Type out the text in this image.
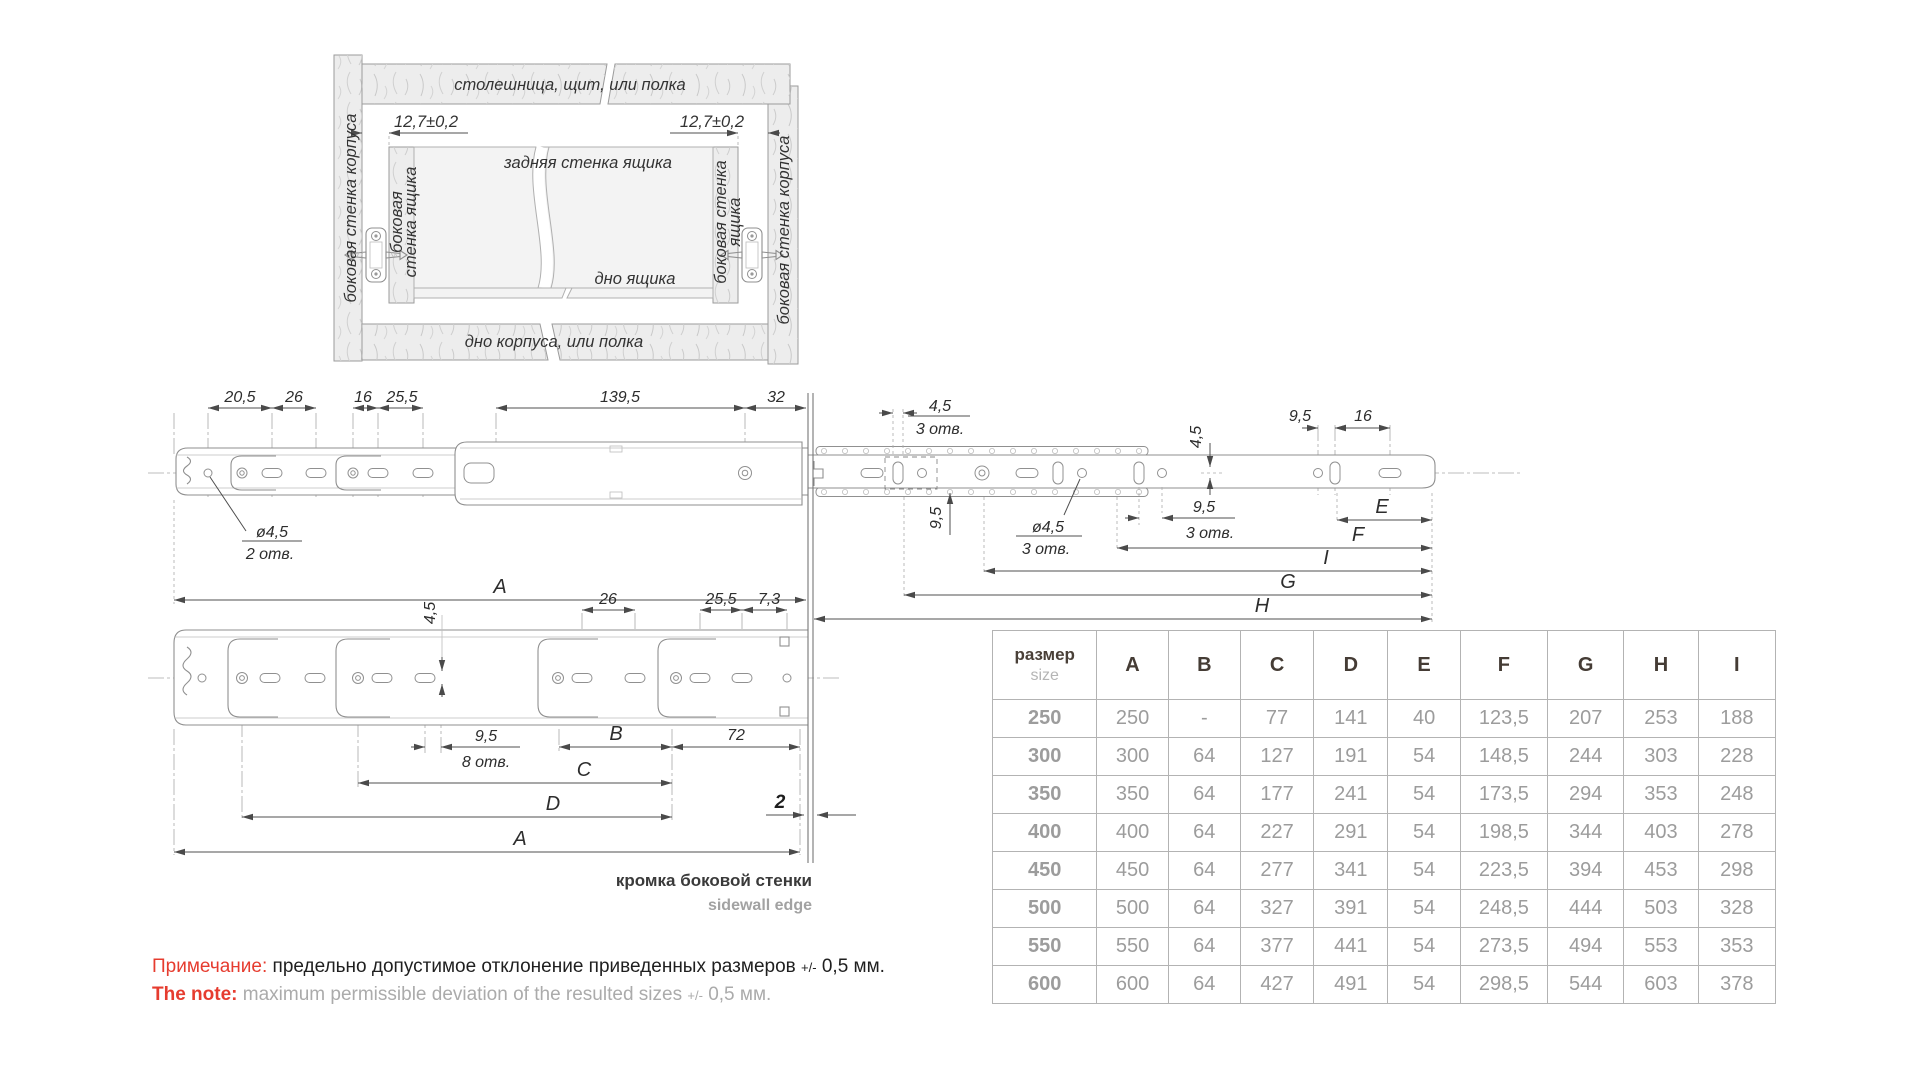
12,7±0,2	12,7±0,2
столешница, щит, или полка
задняя стенка ящика
дно ящика
дно корпуса, или полка
боковая стенка корпуса	боковая стенка корпуса
боковая
стенка ящика	боковая стенка
ящика
20,5 26	16 25,5	139,5	32
4,5
3 отв.
9,5	16
4,5
9,5	ø4,5
3 отв.
9,5
3 отв.
E
F
I
G
H
A
ø4,5
2 отв.
26	25,5 7,3
4,5
9,5
8 отв.
B	72
C
D
A
2
кромка боковой стенки
sidewall edge
размер
size	A	B	C	D	E	F	G	H	I
250	250	-	77	141	40	123,5	207	253	188
300	300	64	127	191	54	148,5	244	303	228
350	350	64	177	241	54	173,5	294	353	248
400	400	64	227	291	54	198,5	344	403	278
450	450	64	277	341	54	223,5	394	453	298
500	500	64	327	391	54	248,5	444	503	328
550	550	64	377	441	54	273,5	494	553	353
600	600	64	427	491	54	298,5	544	603	378
Примечание: предельно допустимое отклонение приведенных размеров +/- 0,5 мм.
The note: maximum permissible deviation of the resulted sizes +/- 0,5 мм.
